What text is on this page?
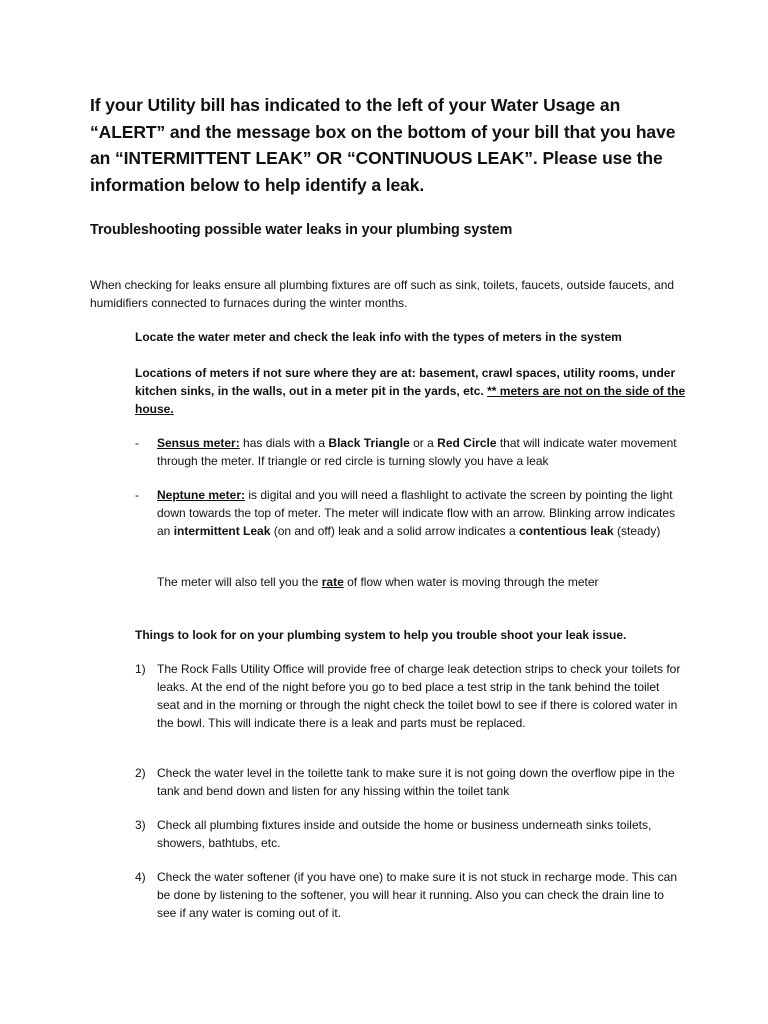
If your Utility bill has indicated to the left of your Water Usage an “ALERT” and the message box on the bottom of your bill that you have an “INTERMITTENT LEAK” OR “CONTINUOUS LEAK”. Please use the information below to help identify a leak.
Troubleshooting possible water leaks in your plumbing system
When checking for leaks ensure all plumbing fixtures are off such as sink, toilets, faucets, outside faucets, and humidifiers connected to furnaces during the winter months.
Locate the water meter and check the leak info with the types of meters in the system
Locations of meters if not sure where they are at: basement, crawl spaces, utility rooms, under kitchen sinks, in the walls, out in a meter pit in the yards, etc. ** meters are not on the side of the house.
-	Sensus meter: has dials with a Black Triangle or a Red Circle that will indicate water movement through the meter. If triangle or red circle is turning slowly you have a leak
-	Neptune meter: is digital and you will need a flashlight to activate the screen by pointing the light down towards the top of meter. The meter will indicate flow with an arrow. Blinking arrow indicates an intermittent Leak (on and off) leak and a solid arrow indicates a contentious leak (steady)
The meter will also tell you the rate of flow when water is moving through the meter
Things to look for on your plumbing system to help you trouble shoot your leak issue.
1) The Rock Falls Utility Office will provide free of charge leak detection strips to check your toilets for leaks. At the end of the night before you go to bed place a test strip in the tank behind the toilet seat and in the morning or through the night check the toilet bowl to see if there is colored water in the bowl. This will indicate there is a leak and parts must be replaced.
2) Check the water level in the toilette tank to make sure it is not going down the overflow pipe in the tank and bend down and listen for any hissing within the toilet tank
3) Check all plumbing fixtures inside and outside the home or business underneath sinks toilets, showers, bathtubs, etc.
4) Check the water softener (if you have one) to make sure it is not stuck in recharge mode. This can be done by listening to the softener, you will hear it running. Also you can check the drain line to see if any water is coming out of it.
